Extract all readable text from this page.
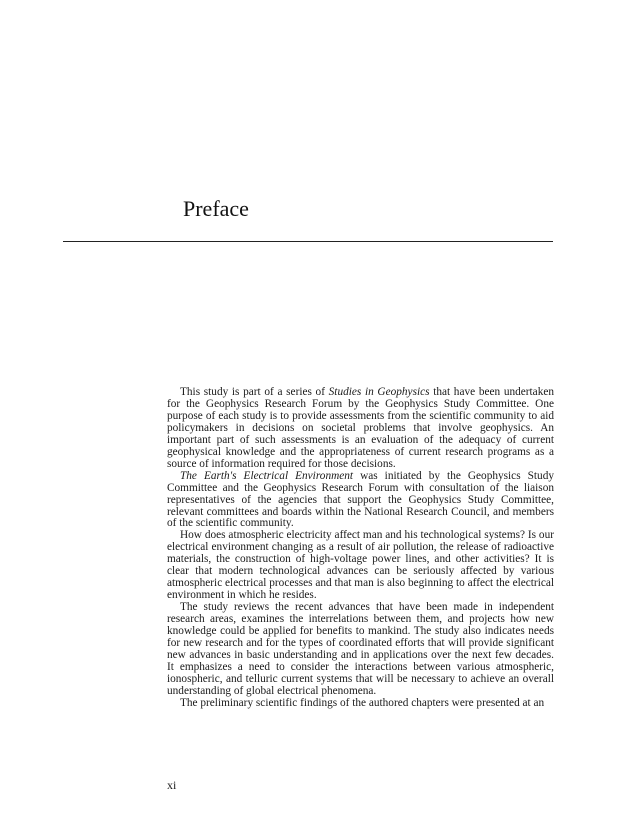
Preface

This study is part of a series of Studies in Geophysics that have been undertaken for the Geophysics Research Forum by the Geophysics Study Committee. One purpose of each study is to provide assessments from the scientific community to aid policymakers in decisions on societal problems that involve geophysics. An important part of such assessments is an evaluation of the adequacy of current geophysical knowledge and the appropriateness of current research programs as a source of information required for those decisions.

The Earth's Electrical Environment was initiated by the Geophysics Study Committee and the Geophysics Research Forum with consultation of the liaison representatives of the agencies that support the Geophysics Study Committee, relevant committees and boards within the National Research Council, and members of the scientific community.

How does atmospheric electricity affect man and his technological systems? Is our electrical environment changing as a result of air pollution, the release of radioactive materials, the construction of high-voltage power lines, and other activities? It is clear that modern technological advances can be seriously affected by various atmospheric electrical processes and that man is also beginning to affect the electrical environment in which he resides.

The study reviews the recent advances that have been made in independent research areas, examines the interrelations between them, and projects how new knowledge could be applied for benefits to mankind. The study also indicates needs for new research and for the types of coordinated efforts that will provide significant new advances in basic understanding and in applications over the next few decades. It emphasizes a need to consider the interactions between various atmospheric, ionospheric, and telluric current systems that will be necessary to achieve an overall understanding of global electrical phenomena.

The preliminary scientific findings of the authored chapters were presented at an

xi
